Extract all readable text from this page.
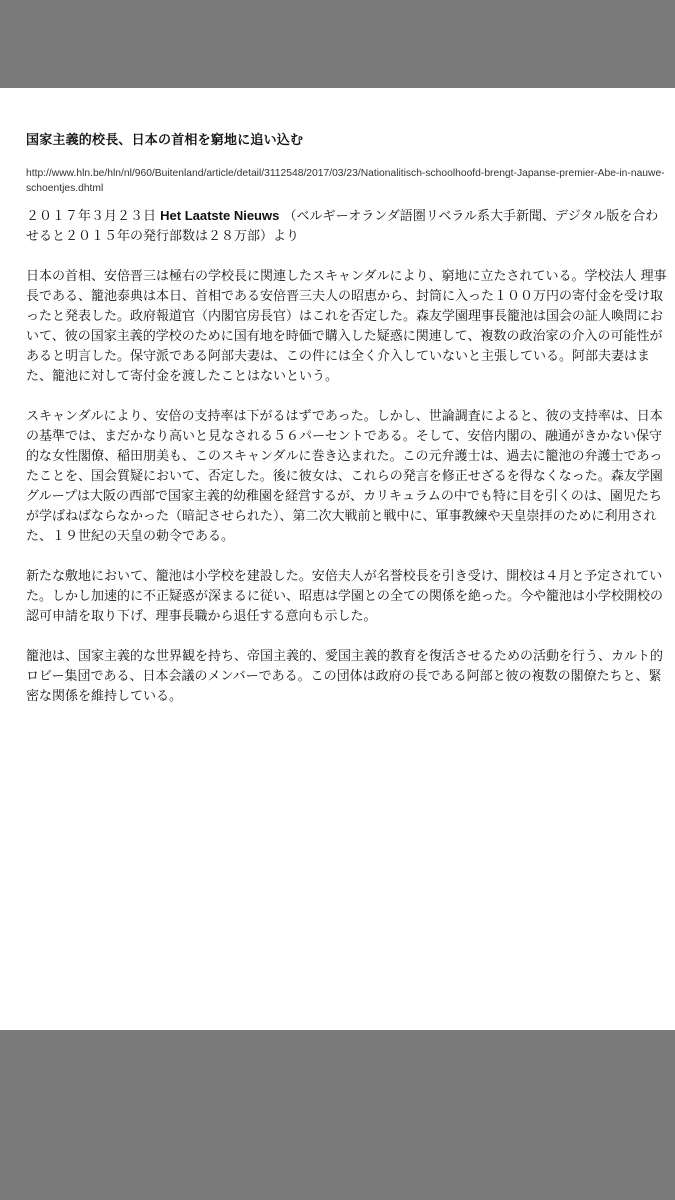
国家主義的校長、日本の首相を窮地に追い込む
http://www.hln.be/hln/nl/960/Buitenland/article/detail/3112548/2017/03/23/Nationalitisch-schoolhoofd-brengt-Japanse-premier-Abe-in-nauwe-schoentjes.dhtml
２０１７年３月２３日 Het Laatste Nieuws （ベルギーオランダ語圏リベラル系大手新聞、デジタル版を合わせると２０１５年の発行部数は２８万部）より

日本の首相、安倍晋三は極右の学校長に関連したスキャンダルにより、窮地に立たされている。学校法人 理事長である、籠池泰典は本日、首相である安倍晋三夫人の昭恵から、封筒に入った１００万円の寄付金を受け取ったと発表した。政府報道官（内閣官房長官）はこれを否定した。森友学園理事長籠池は国会の証人喚問において、彼の国家主義的学校のために国有地を時価で購入した疑惑に関連して、複数の政治家の介入の可能性があると明言した。保守派である阿部夫妻は、この件には全く介入していないと主張している。阿部夫妻はまた、籠池に対して寄付金を渡したことはないという。

スキャンダルにより、安倍の支持率は下がるはずであった。しかし、世論調査によると、彼の支持率は、日本の基準では、まだかなり高いと見なされる５６パーセントである。そして、安倍内閣の、融通がきかない保守的な女性閣僚、稲田朋美も、このスキャンダルに巻き込まれた。この元弁護士は、過去に籠池の弁護士であったことを、国会質疑において、否定した。後に彼女は、これらの発言を修正せざるを得なくなった。森友学園グループは大阪の西部で国家主義的幼稚園を経営するが、カリキュラムの中でも特に目を引くのは、園児たちが学ばねばならなかった（暗記させられた）、第二次大戦前と戦中に、軍事教練や天皇崇拝のために利用された、１９世紀の天皇の勅令である。

新たな敷地において、籠池は小学校を建設した。安倍夫人が名誉校長を引き受け、開校は４月と予定されていた。しかし加速的に不正疑惑が深まるに従い、昭恵は学園との全ての関係を絶った。今や籠池は小学校開校の認可申請を取り下げ、理事長職から退任する意向も示した。

籠池は、国家主義的な世界観を持ち、帝国主義的、愛国主義的教育を復活させるための活動を行う、カルト的ロビー集団である、日本会議のメンバーである。この団体は政府の長である阿部と彼の複数の閣僚たちと、緊密な関係を維持している。
